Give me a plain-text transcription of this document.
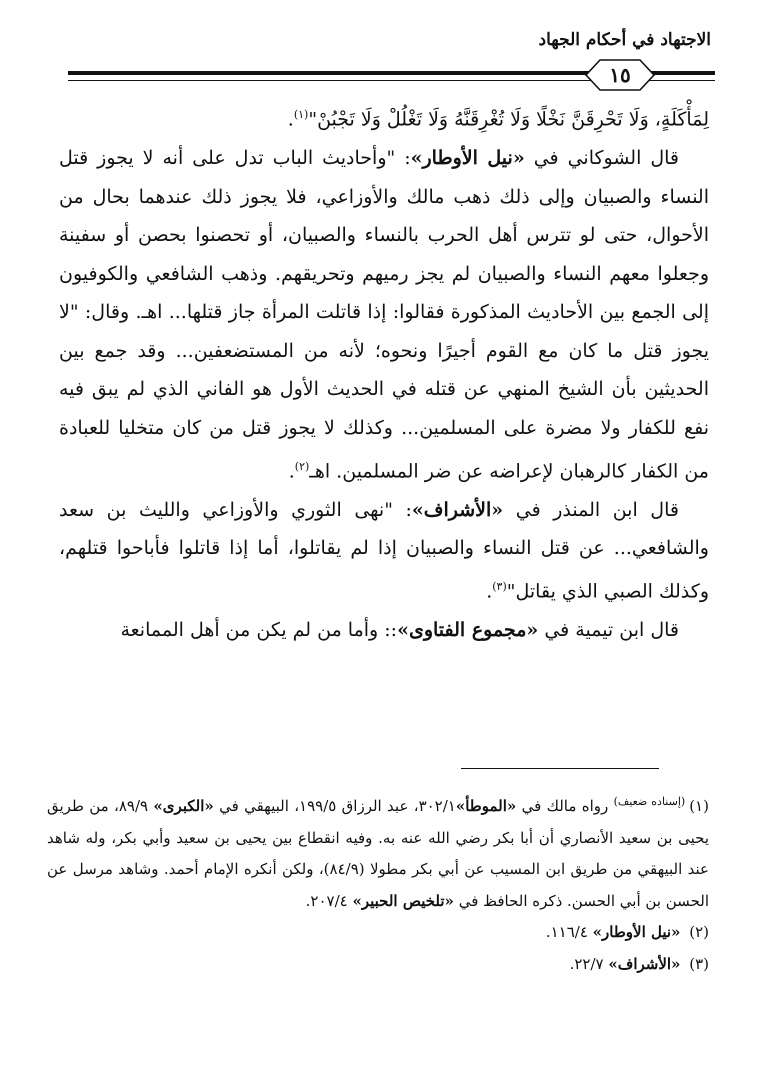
الاجتهاد في أحكام الجهاد
١٥

لِمَأْكَلَةٍ، وَلَا تَحْرِقَنَّ نَخْلًا وَلَا تُغْرِقَنَّهُ وَلَا تَغْلُلْ وَلَا تَجْبُنْ"$^{(١)}$.

قال الشوكاني في «نيل الأوطار»: "وأحاديث الباب تدل على أنه لا يجوز قتل النساء والصبيان وإلى ذلك ذهب مالك والأوزاعي، فلا يجوز ذلك عندهما بحال من الأحوال، حتى لو تترس أهل الحرب بالنساء والصبيان، أو تحصنوا بحصن أو سفينة وجعلوا معهم النساء والصبيان لم يجز رميهم وتحريقهم. وذهب الشافعي والكوفيون إلى الجمع بين الأحاديث المذكورة فقالوا: إذا قاتلت المرأة جاز قتلها... اهـ. وقال: "لا يجوز قتل ما كان مع القوم أجيرًا ونحوه؛ لأنه من المستضعفين... وقد جمع بين الحديثين بأن الشيخ المنهي عن قتله في الحديث الأول هو الفاني الذي لم يبق فيه نفع للكفار ولا مضرة على المسلمين... وكذلك لا يجوز قتل من كان متخليا للعبادة من الكفار كالرهبان لإعراضه عن ضر المسلمين. اهـ$^{(٢)}$.

قال ابن المنذر في «الأشراف»: "نهى الثوري والأوزاعي والليث بن سعد والشافعي... عن قتل النساء والصبيان إذا لم يقاتلوا، أما إذا قاتلوا فأباحوا قتلهم، وكذلك الصبي الذي يقاتل"$^{(٣)}$.

قال ابن تيمية في «مجموع الفتاوى»:: وأما من لم يكن من أهل الممانعة

(١)$^{(إسناده ضعيف)}$ رواه مالك في «الموطأ»٣٠٢/١، عبد الرزاق ١٩٩/٥، البيهقي في «الكبرى» ٨٩/٩، من طريق يحيى بن سعيد الأنصاري أن أبا بكر رضي الله عنه به. وفيه انقطاع بين يحيى بن سعيد وأبي بكر، وله شاهد عند البيهقي من طريق ابن المسيب عن أبي بكر مطولا (٨٤/٩)، ولكن أنكره الإمام أحمد. وشاهد مرسل عن الحسن بن أبي الحسن. ذكره الحافظ في «تلخيص الحبير» ٢٠٧/٤.

(٢) «نيل الأوطار» ١١٦/٤.

(٣) «الأشراف» ٢٢/٧.
